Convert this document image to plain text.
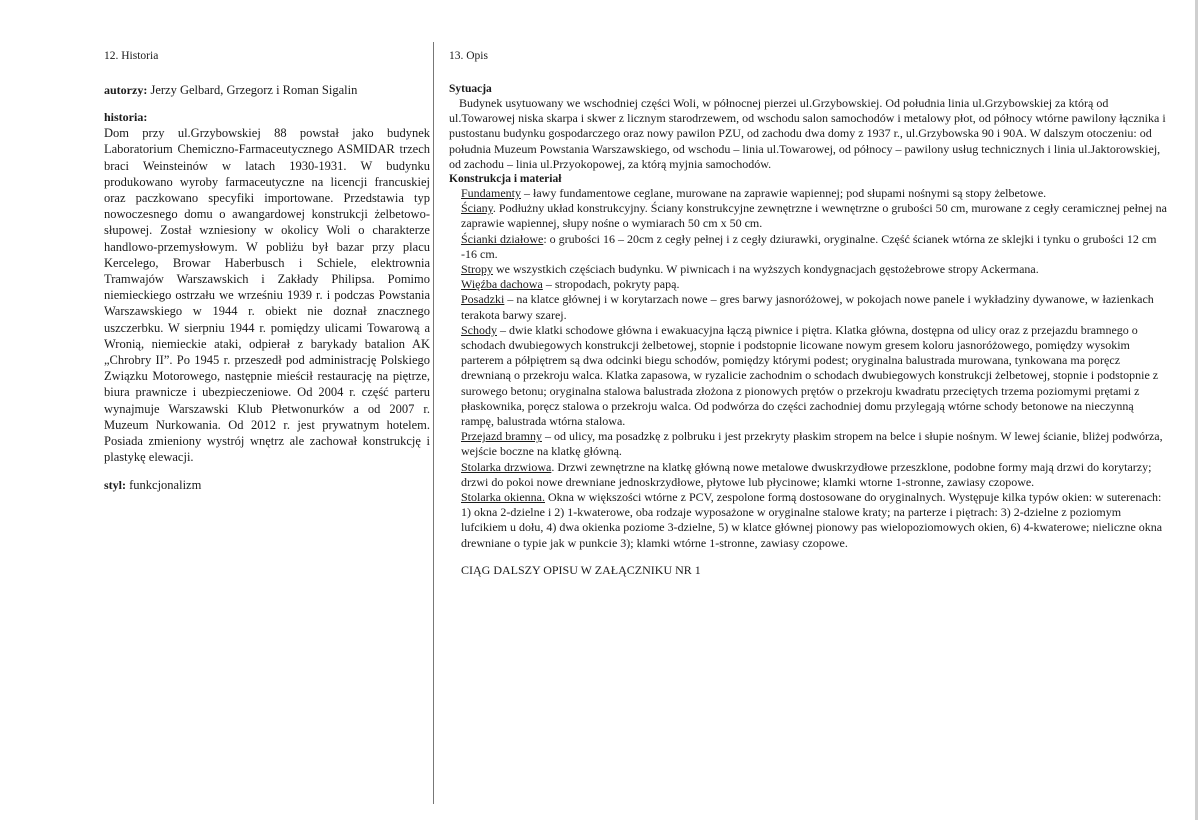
12. Historia

autorzy: Jerzy Gelbard, Grzegorz i Roman Sigalin

historia:

Dom przy ul.Grzybowskiej 88 powstał jako budynek Laboratorium Chemiczno-Farmaceutycznego ASMIDAR trzech braci Weinsteinów w latach 1930-1931. W budynku produkowano wyroby farmaceutyczne na licencji francuskiej oraz paczkowano specyfiki importowane. Przedstawia typ nowoczesnego domu o awangardowej konstrukcji żelbetowo-słupowej. Został wzniesiony w okolicy Woli o charakterze handlowo-przemysłowym. W pobliżu był bazar przy placu Kercelego, Browar Haberbusch i Schiele, elektrownia Tramwajów Warszawskich i Zakłady Philipsa. Pomimo niemieckiego ostrzału we wrześniu 1939 r. i podczas Powstania Warszawskiego w 1944 r. obiekt nie doznał znacznego uszczerbku. W sierpniu 1944 r. pomiędzy ulicami Towarową a Wronią, niemieckie ataki, odpierał z barykady batalion AK „Chrobry II”. Po 1945 r. przeszedł pod administrację Polskiego Związku Motorowego, następnie mieścił restaurację na piętrze, biura prawnicze i ubezpieczeniowe. Od 2004 r. część parteru wynajmuje Warszawski Klub Płetwonurków a od 2007 r. Muzeum Nurkowania. Od 2012 r. jest prywatnym hotelem. Posiada zmieniony wystrój wnętrz ale zachował konstrukcję i plastykę elewacji.

styl: funkcjonalizm

13. Opis
Sytuacja

Budynek usytuowany we wschodniej części Woli, w północnej pierzei ul.Grzybowskiej. Od południa linia ul.Grzybowskiej za którą od ul.Towarowej niska skarpa i skwer z licznym starodrzewem, od wschodu salon samochodów i metalowy płot, od północy wtórne pawilony łącznika i pustostanu budynku gospodarczego oraz nowy pawilon PZU, od zachodu dwa domy z 1937 r., ul.Grzybowska 90 i 90A. W dalszym otoczeniu: od południa Muzeum Powstania Warszawskiego, od wschodu – linia ul.Towarowej, od północy – pawilony usług technicznych i linia ul.Jaktorowskiej, od zachodu – linia ul.Przyokopowej, za którą myjnia samochodów.

Konstrukcja i materiał

Fundamenty – ławy fundamentowe ceglane, murowane na zaprawie wapiennej; pod słupami nośnymi są stopy żelbetowe.

Ściany. Podłużny układ konstrukcyjny. Ściany konstrukcyjne zewnętrzne i wewnętrzne o grubości 50 cm, murowane z cegły ceramicznej pełnej na zaprawie wapiennej, słupy nośne o wymiarach 50 cm x 50 cm.

Ścianki działowe: o grubości 16 – 20cm z cegły pełnej i z cegły dziurawki, oryginalne. Część ścianek wtórna ze sklejki i tynku o grubości 12 cm -16 cm.

Stropy we wszystkich częściach budynku. W piwnicach i na wyższych kondygnacjach gęstożebrowe stropy Ackermana.

Więźba dachowa – stropodach, pokryty papą.

Posadzki – na klatce głównej i w korytarzach nowe – gres barwy jasnoróżowej, w pokojach nowe panele i wykładziny dywanowe, w łazienkach terakota barwy szarej.

Schody – dwie klatki schodowe główna i ewakuacyjna łączą piwnice i piętra. Klatka główna, dostępna od ulicy oraz z przejazdu bramnego o schodach dwubiegowych konstrukcji żelbetowej, stopnie i podstopnie licowane nowym gresem koloru jasnoróżowego, pomiędzy wysokim parterem a półpiętrem są dwa odcinki biegu schodów, pomiędzy którymi podest; oryginalna balustrada murowana, tynkowana ma poręcz drewnianą o przekroju walca. Klatka zapasowa, w ryzalicie zachodnim o schodach dwubiegowych konstrukcji żelbetowej, stopnie i podstopnie z surowego betonu; oryginalna stalowa balustrada złożona z pionowych prętów o przekroju kwadratu przeciętych trzema poziomymi prętami z płaskownika, poręcz stalowa o przekroju walca. Od podwórza do części zachodniej domu przylegają wtórne schody betonowe na nieczynną rampę, balustrada wtórna stalowa.

Przejazd bramny – od ulicy, ma posadzkę z polbruku i jest przekryty płaskim stropem na belce i słupie nośnym. W lewej ścianie, bliżej podwórza, wejście boczne na klatkę główną.

Stolarka drzwiowa. Drzwi zewnętrzne na klatkę główną nowe metalowe dwuskrzydłowe przeszklone, podobne formy mają drzwi do korytarzy; drzwi do pokoi nowe drewniane jednoskrzydłowe, płytowe lub płycinowe; klamki wtorne 1-stronne, zawiasy czopowe.

Stolarka okienna. Okna w większości wtórne z PCV, zespolone formą dostosowane do oryginalnych. Występuje kilka typów okien: w suterenach: 1) okna 2-dzielne i 2) 1-kwaterowe, oba rodzaje wyposażone w oryginalne stalowe kraty; na parterze i piętrach: 3) 2-dzielne z poziomym lufcikiem u dołu, 4) dwa okienka poziome 3-dzielne, 5) w klatce głównej pionowy pas wielopoziomowych okien, 6) 4-kwaterowe; nieliczne okna drewniane o typie jak w punkcie 3); klamki wtórne 1-stronne, zawiasy czopowe.

CIĄG DALSZY OPISU W ZAŁĄCZNIKU NR 1
